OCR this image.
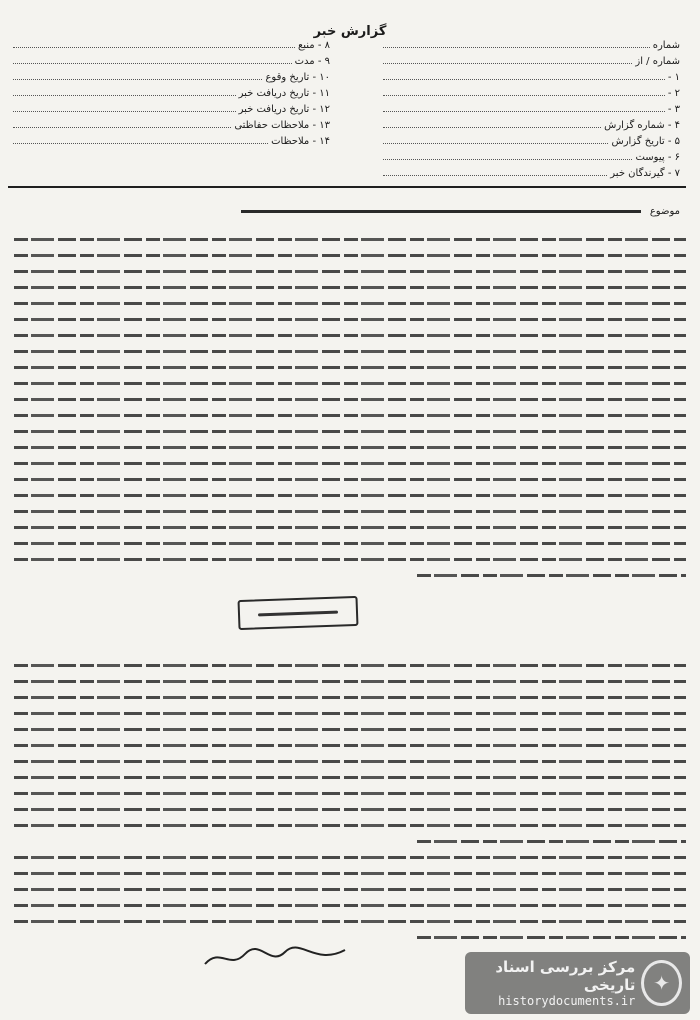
گزارش خبر
شماره
شماره / از
۱ -
۲ -
۳ -
۴ - شماره گزارش
۵ - تاریخ گزارش
۶ - پیوست
۷ - گیرندگان خبر
۸ - منبع
۹ - مدت
۱۰ - تاریخ وقوع
۱۱ - تاریخ دریافت خبر
۱۲ - تاریخ دریافت خبر
۱۳ - ملاحظات حفاظتی
۱۴ - ملاحظات
موضوع
مرکز بررسی اسناد تاریخی
historydocuments.ir
✦
